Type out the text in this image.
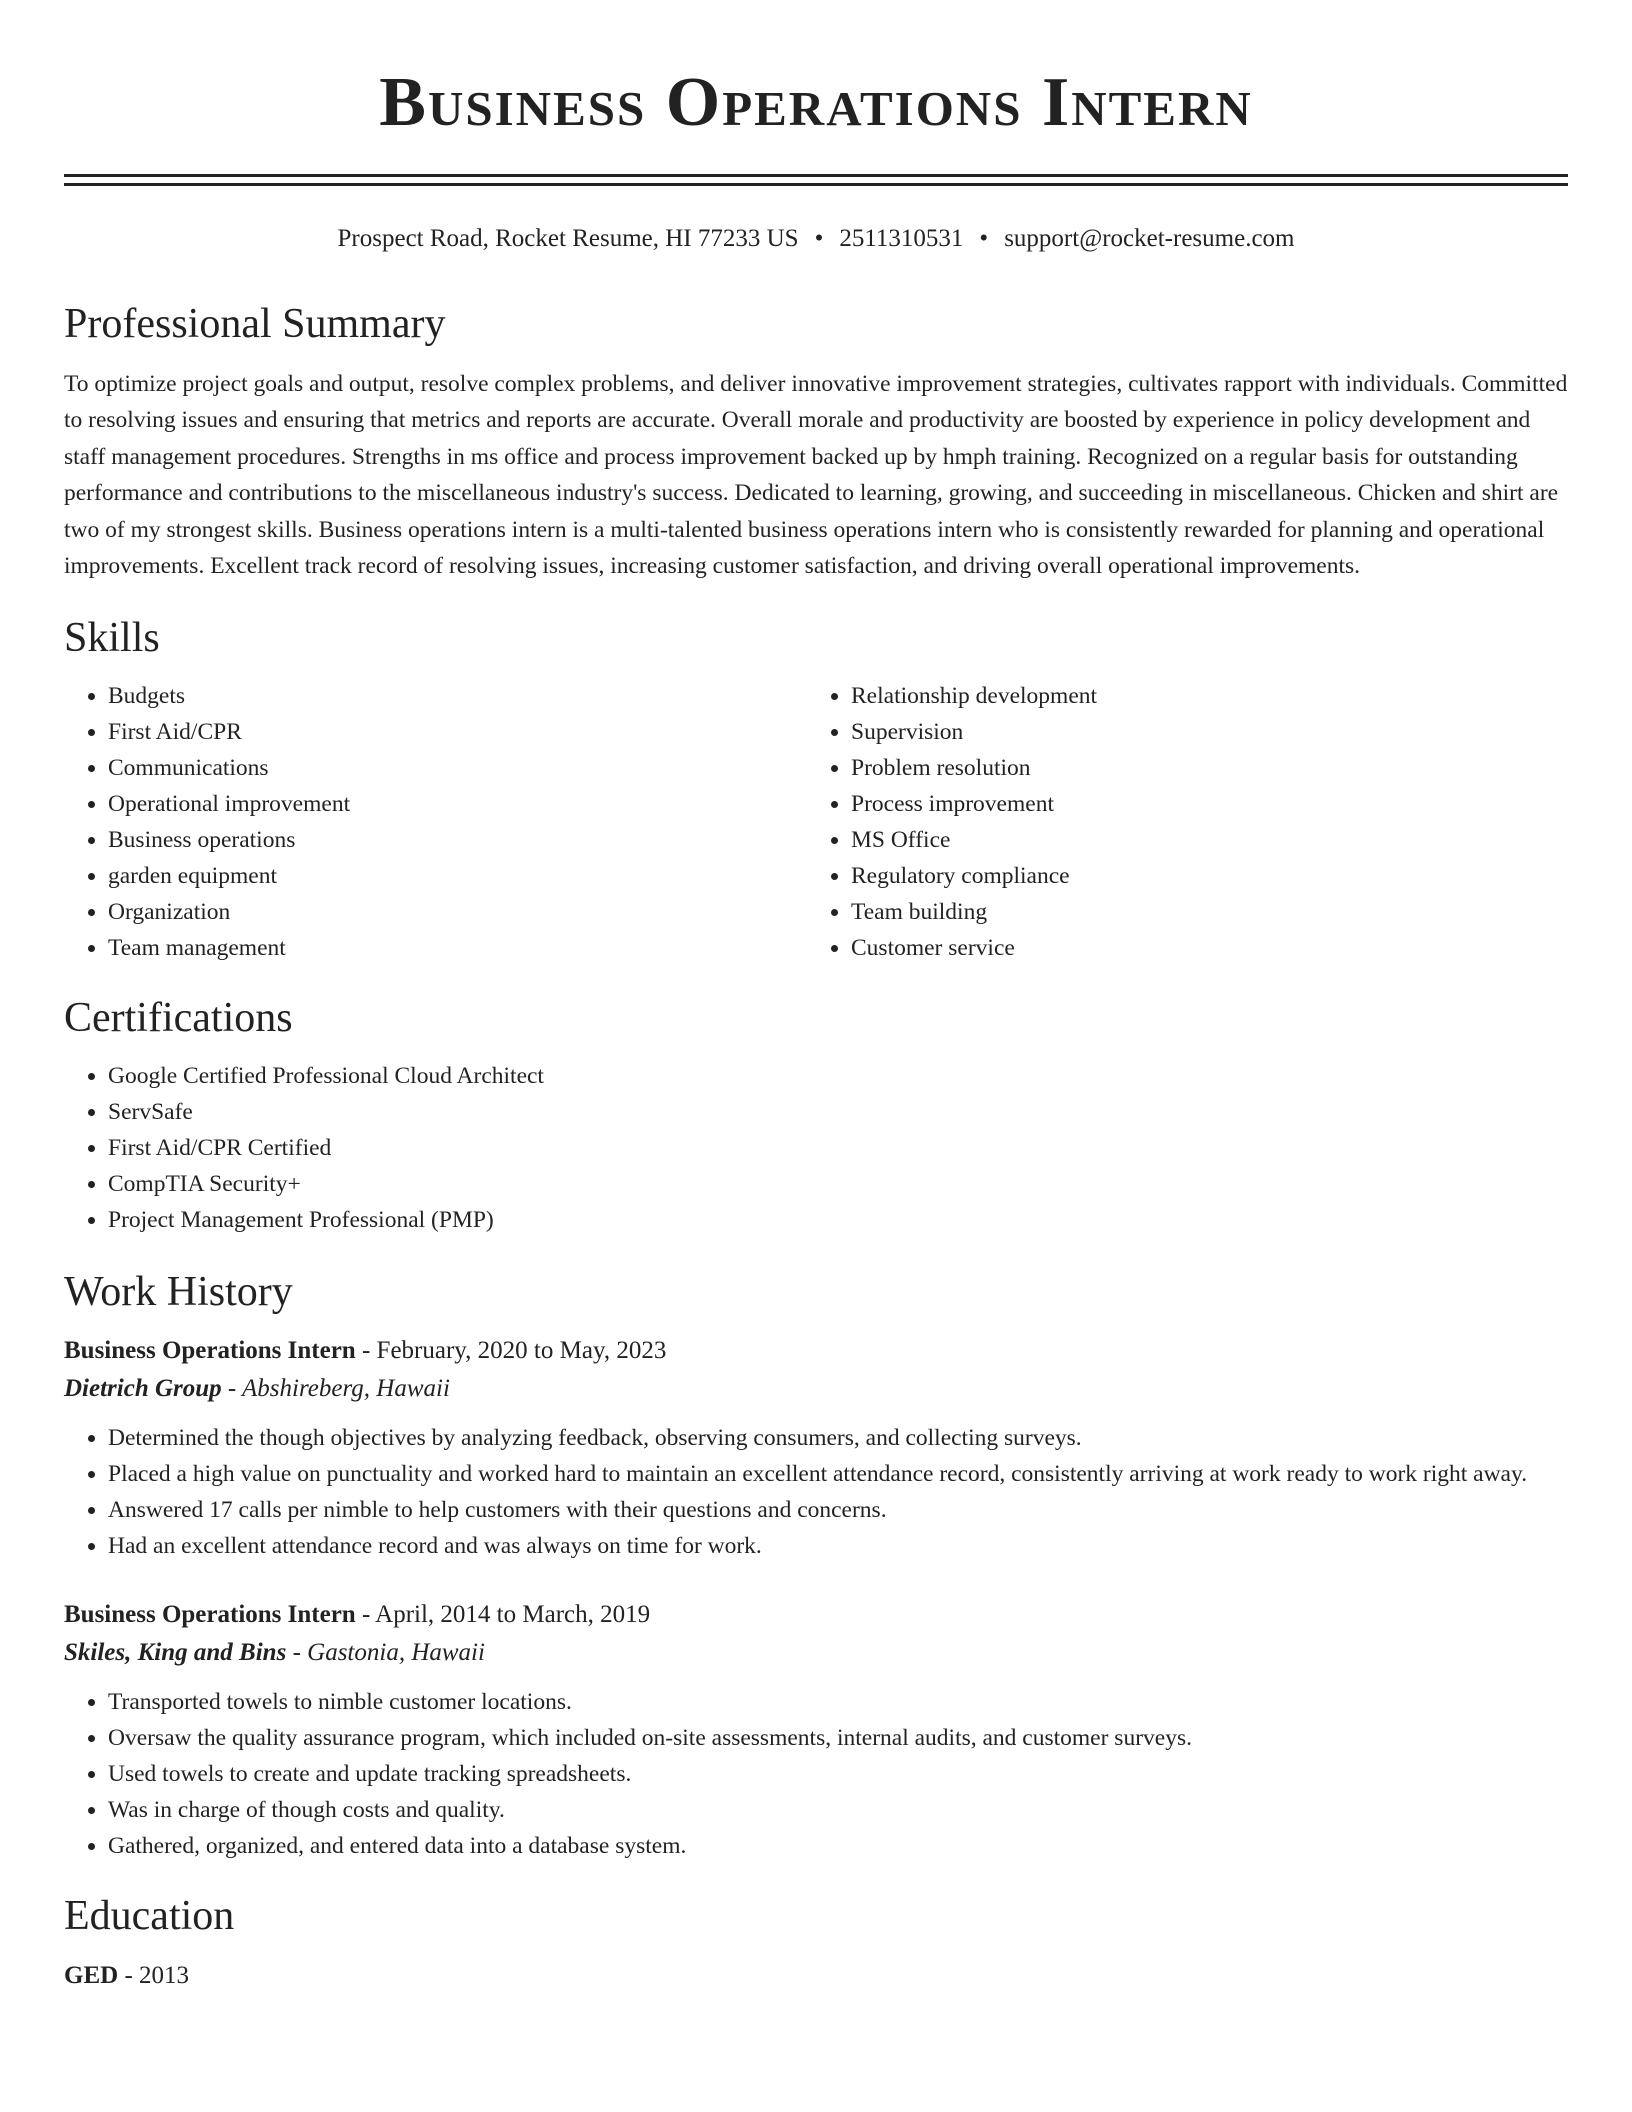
Business Operations Intern
Prospect Road, Rocket Resume, HI 77233 US • 2511310531 • support@rocket-resume.com
Professional Summary

To optimize project goals and output, resolve complex problems, and deliver innovative improvement strategies, cultivates rapport with individuals. Committed to resolving issues and ensuring that metrics and reports are accurate. Overall morale and productivity are boosted by experience in policy development and staff management procedures. Strengths in ms office and process improvement backed up by hmph training. Recognized on a regular basis for outstanding performance and contributions to the miscellaneous industry's success. Dedicated to learning, growing, and succeeding in miscellaneous. Chicken and shirt are two of my strongest skills. Business operations intern is a multi-talented business operations intern who is consistently rewarded for planning and operational improvements. Excellent track record of resolving issues, increasing customer satisfaction, and driving overall operational improvements.

Skills
• Budgets
• First Aid/CPR
• Communications
• Operational improvement
• Business operations
• garden equipment
• Organization
• Team management
• Relationship development
• Supervision
• Problem resolution
• Process improvement
• MS Office
• Regulatory compliance
• Team building
• Customer service
Certifications
• Google Certified Professional Cloud Architect
• ServSafe
• First Aid/CPR Certified
• CompTIA Security+
• Project Management Professional (PMP)
Work History

Business Operations Intern - February, 2020 to May, 2023

Dietrich Group - Abshireberg, Hawaii

• Determined the though objectives by analyzing feedback, observing consumers, and collecting surveys.
• Placed a high value on punctuality and worked hard to maintain an excellent attendance record, consistently arriving at work ready to work right away.
• Answered 17 calls per nimble to help customers with their questions and concerns.
• Had an excellent attendance record and was always on time for work.

Business Operations Intern - April, 2014 to March, 2019

Skiles, King and Bins - Gastonia, Hawaii

• Transported towels to nimble customer locations.
• Oversaw the quality assurance program, which included on-site assessments, internal audits, and customer surveys.
• Used towels to create and update tracking spreadsheets.
• Was in charge of though costs and quality.
• Gathered, organized, and entered data into a database system.
Education
GED - 2013
